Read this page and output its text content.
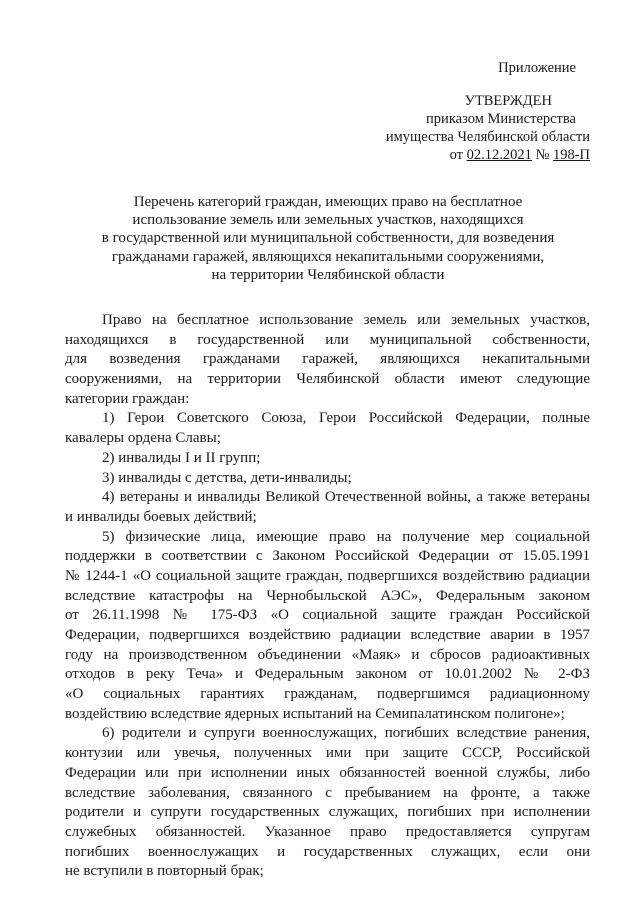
Приложение
УТВЕРЖДЕН
приказом Министерства
имущества Челябинской области
от 02.12.2021 № 198-П
Перечень категорий граждан, имеющих право на бесплатное
использование земель или земельных участков, находящихся
в государственной или муниципальной собственности, для возведения
гражданами гаражей, являющихся некапитальными сооружениями,
на территории Челябинской области
Право на бесплатное использование земель или земельных участков,
находящихся в государственной или муниципальной собственности,
для возведения гражданами гаражей, являющихся некапитальными
сооружениями, на территории Челябинской области имеют следующие
категории граждан:
1) Герои Советского Союза, Герои Российской Федерации, полные
кавалеры ордена Славы;
2) инвалиды I и II групп;
3) инвалиды с детства, дети-инвалиды;
4) ветераны и инвалиды Великой Отечественной войны, а также ветераны
и инвалиды боевых действий;
5) физические лица, имеющие право на получение мер социальной
поддержки в соответствии с Законом Российской Федерации от 15.05.1991
№ 1244-1 «О социальной защите граждан, подвергшихся воздействию радиации
вследствие катастрофы на Чернобыльской АЭС», Федеральным законом
от 26.11.1998 № 175-ФЗ «О социальной защите граждан Российской
Федерации, подвергшихся воздействию радиации вследствие аварии в 1957
году на производственном объединении «Маяк» и сбросов радиоактивных
отходов в реку Теча» и Федеральным законом от 10.01.2002 № 2-ФЗ
«О социальных гарантиях гражданам, подвергшимся радиационному
воздействию вследствие ядерных испытаний на Семипалатинском полигоне»;
6) родители и супруги военнослужащих, погибших вследствие ранения,
контузии или увечья, полученных ими при защите СССР, Российской
Федерации или при исполнении иных обязанностей военной службы, либо
вследствие заболевания, связанного с пребыванием на фронте, а также
родители и супруги государственных служащих, погибших при исполнении
служебных обязанностей. Указанное право предоставляется супругам
погибших военнослужащих и государственных служащих, если они
не вступили в повторный брак;
